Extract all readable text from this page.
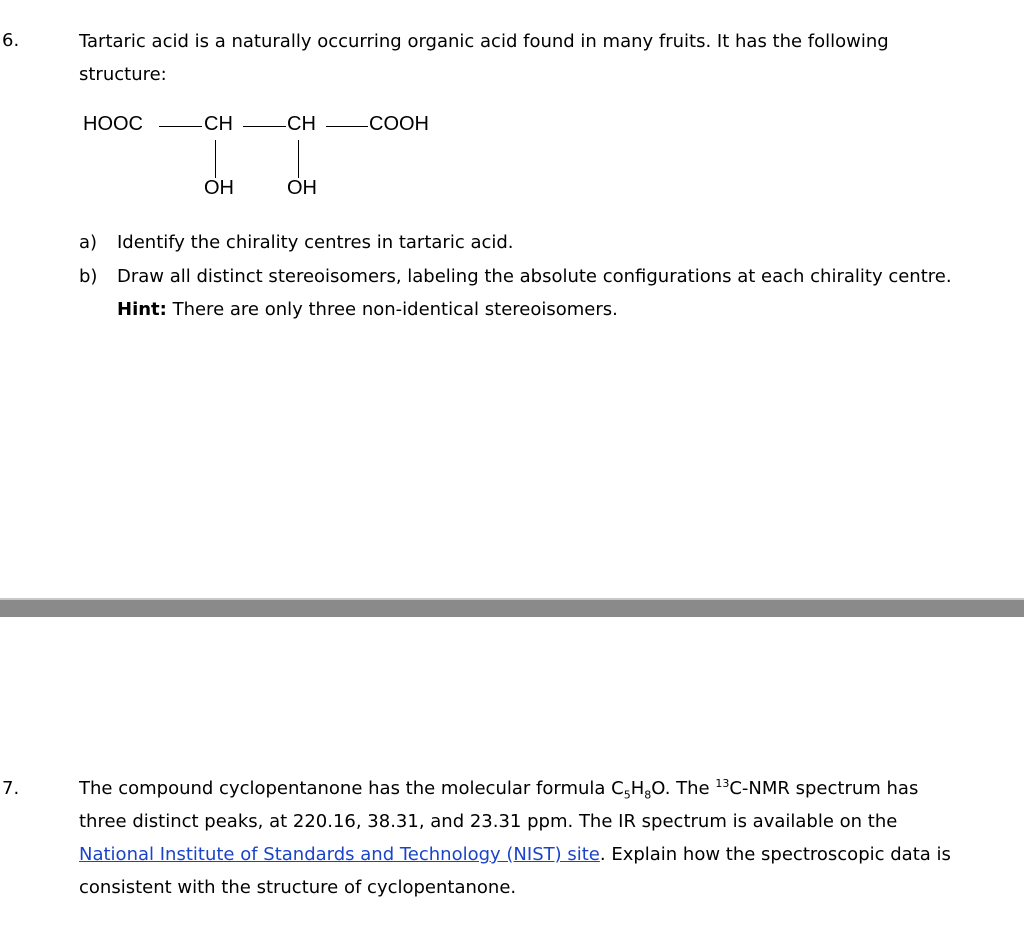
6.	Tartaric acid is a naturally occurring organic acid found in many fruits. It has the following
structure:
HOOC	CH	CH	COOH
OH	OH
a) Identify the chirality centres in tartaric acid.
b) Draw all distinct stereoisomers, labeling the absolute configurations at each chirality centre.
Hint: There are only three non-identical stereoisomers.
7.	The compound cyclopentanone has the molecular formula $C_5H_8O$. The $^{13}$C-NMR spectrum has
three distinct peaks, at 220.16, 38.31, and 23.31 ppm. The IR spectrum is available on the
National Institute of Standards and Technology (NIST) site. Explain how the spectroscopic data is
consistent with the structure of cyclopentanone.
